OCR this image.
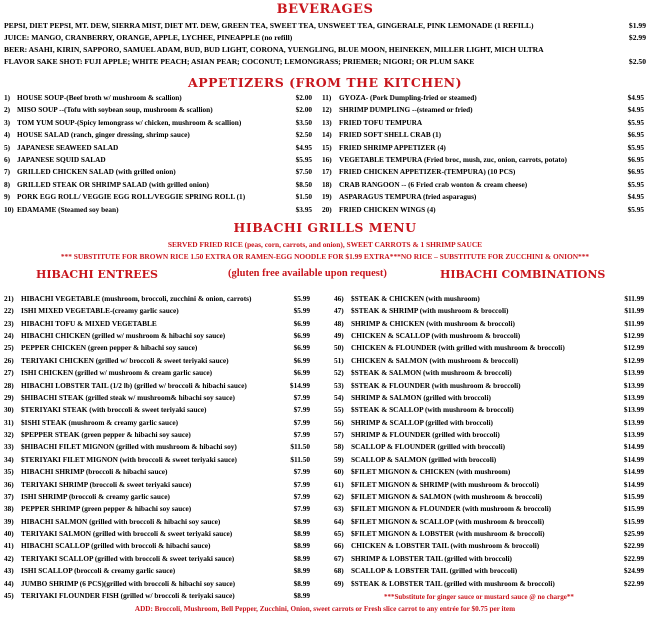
BEVERAGES
PEPSI, DIET PEPSI, MT. DEW, SIERRA MIST, DIET MT. DEW, GREEN TEA, SWEET TEA, UNSWEET TEA, GINGERALE, PINK LEMONADE (1 REFILL)	$1.99
JUICE: MANGO, CRANBERRY, ORANGE, APPLE, LYCHEE, PINEAPPLE (no refill)	$2.99
BEER: ASAHI, KIRIN, SAPPORO, SAMUEL ADAM, BUD, BUD LIGHT, CORONA, YUENGLING, BLUE MOON, HEINEKEN, MILLER LIGHT, MICH ULTRA
FLAVOR SAKE SHOT: FUJI APPLE; WHITE PEACH; ASIAN PEAR; COCONUT; LEMONGRASS; PRIEMER; NIGORI; OR PLUM SAKE	$2.50
APPETIZERS (FROM THE KITCHEN)
1) HOUSE SOUP-(Beef broth w/ mushroom & scallion)	$2.00
2) MISO SOUP --(Tofu with soybean soup, mushroom & scallion)	$2.00
3) TOM YUM SOUP-(Spicy lemongrass w/ chicken, mushroom & scallion)	$3.50
4) HOUSE SALAD (ranch, ginger dressing, shrimp sauce)	$2.50
5) JAPANESE SEAWEED SALAD	$4.95
6) JAPANESE SQUID SALAD	$5.95
7) GRILLED CHICKEN SALAD (with grilled onion)	$7.50
8) GRILLED STEAK OR SHRIMP SALAD (with grilled onion)	$8.50
9) PORK EGG ROLL/ VEGGIE EGG ROLL/VEGGIE SPRING ROLL (1)	$1.50
10) EDAMAME (Steamed soy bean)	$3.95
11) GYOZA- (Pork Dumpling-fried or steamed)	$4.95
12) SHRIMP DUMPLING --(steamed or fried)	$4.95
13) FRIED TOFU TEMPURA	$5.95
14) FRIED SOFT SHELL CRAB (1)	$6.95
15) FRIED SHRIMP APPETIZER (4)	$5.95
16) VEGETABLE TEMPURA (Fried broc, mush, zuc, onion, carrots, potato)	$6.95
17) FRIED CHICKEN APPETIZER-(TEMPURA) (10 PCS)	$6.95
18) CRAB RANGOON -- (6 Fried crab wonton & cream cheese)	$5.95
19) ASPARAGUS TEMPURA (fried asparagus)	$4.95
20) FRIED CHICKEN WINGS (4)	$5.95
HIBACHI GRILLS MENU
SERVED FRIED RICE (peas, corn, carrots, and onion), SWEET CARROTS & 1 SHRIMP SAUCE
*** SUBSTITUTE FOR BROWN RICE 1.50 EXTRA OR RAMEN-EGG NOODLE FOR $1.99 EXTRA***NO RICE – SUBSTITUTE FOR ZUCCHINI & ONION***
HIBACHI ENTREES	(gluten free available upon request)	HIBACHI COMBINATIONS
21) HIBACHI VEGETABLE (mushroom, broccoli, zucchini & onion, carrots)	$5.99
22) ISHI MIXED VEGETABLE-(creamy garlic sauce)	$5.99
23) HIBACHI TOFU & MIXED VEGETABLE	$6.99
24) HIBACHI CHICKEN (grilled w/ mushroom & hibachi soy sauce)	$6.99
25) PEPPER CHICKEN (green pepper & hibachi soy sauce)	$6.99
26) TERIYAKI CHICKEN (grilled w/ broccoli & sweet teriyaki sauce)	$6.99
27) ISHI CHICKEN (grilled w/ mushroom & cream garlic sauce)	$6.99
28) HIBACHI LOBSTER TAIL (1/2 lb) (grilled w/ broccoli & hibachi sauce)	$14.99
29) $HIBACHI STEAK (grilled steak w/ mushroom& hibachi soy sauce)	$7.99
30) $TERIYAKI STEAK (with broccoli & sweet teriyaki sauce)	$7.99
31) $ISHI STEAK (mushroom & creamy garlic sauce)	$7.99
32) $PEPPER STEAK (green pepper & hibachi soy sauce)	$7.99
33) $HIBACHI FILET MIGNON (grilled with mushroom & hibachi soy)	$11.50
34) $TERIYAKI FILET MIGNON (with broccoli & sweet teriyaki sauce)	$11.50
35) HIBACHI SHRIMP (broccoli & hibachi sauce)	$7.99
36) TERIYAKI SHRIMP (broccoli & sweet teriyaki sauce)	$7.99
37) ISHI SHRIMP (broccoli & creamy garlic sauce)	$7.99
38) PEPPER SHRIMP (green pepper & hibachi soy sauce)	$7.99
39) HIBACHI SALMON (grilled with broccoli & hibachi soy sauce)	$8.99
40) TERIYAKI SALMON (grilled with broccoli & sweet teriyaki sauce)	$8.99
41) HIBACHI SCALLOP (grilled with broccoli & hibachi sauce)	$8.99
42) TERIYAKI SCALLOP (grilled with broccoli & sweet teriyaki sauce)	$8.99
43) ISHI SCALLOP (broccoli & creamy garlic sauce)	$8.99
44) JUMBO SHRIMP (6 PCS)(grilled with broccoli & hibachi soy sauce)	$8.99
45) TERIYAKI FLOUNDER FISH (grilled w/ broccoli & teriyaki sauce)	$8.99
46) $STEAK & CHICKEN (with mushroom)	$11.99
47) $STEAK & SHRIMP (with mushroom & broccoli)	$11.99
48) SHRIMP & CHICKEN (with mushroom & broccoli)	$11.99
49) CHICKEN & SCALLOP (with mushroom & broccoli)	$12.99
50) CHICKEN & FLOUNDER (with grilled with mushroom & broccoli)	$12.99
51) CHICKEN & SALMON (with mushroom & broccoli)	$12.99
52) $STEAK & SALMON (with mushroom & broccoli)	$13.99
53) $STEAK & FLOUNDER (with mushroom & broccoli)	$13.99
54) SHRIMP & SALMON (grilled with broccoli)	$13.99
55) $STEAK & SCALLOP (with mushroom & broccoli)	$13.99
56) SHRIMP & SCALLOP (grilled with broccoli)	$13.99
57) SHRIMP & FLOUNDER (grilled with broccoli)	$13.99
58) SCALLOP & FLOUNDER (grilled with broccoli)	$14.99
59) SCALLOP & SALMON (grilled with broccoli)	$14.99
60) $FILET MIGNON & CHICKEN (with mushroom)	$14.99
61) $FILET MIGNON & SHRIMP (with mushroom & broccoli)	$14.99
62) $FILET MIGNON & SALMON (with mushroom & broccoli)	$15.99
63) $FILET MIGNON & FLOUNDER (with mushroom & broccoli)	$15.99
64) $FILET MIGNON & SCALLOP (with mushroom & broccoli)	$15.99
65) $FILET MIGNON & LOBSTER (with mushroom & broccoli)	$25.99
66) CHICKEN & LOBSTER TAIL (with mushroom & broccoli)	$22.99
67) SHRIMP & LOBSTER TAIL (grilled with broccoli)	$22.99
68) SCALLOP & LOBSTER TAIL (grilled with broccoli)	$24.99
69) $STEAK & LOBSTER TAIL (grilled with mushroom & broccoli)	$22.99
***Substitute for ginger sauce or mustard sauce @ no charge**
ADD: Broccoli, Mushroom, Bell Pepper, Zucchini, Onion, sweet carrots or Fresh slice carrot to any entrée for $0.75 per item
